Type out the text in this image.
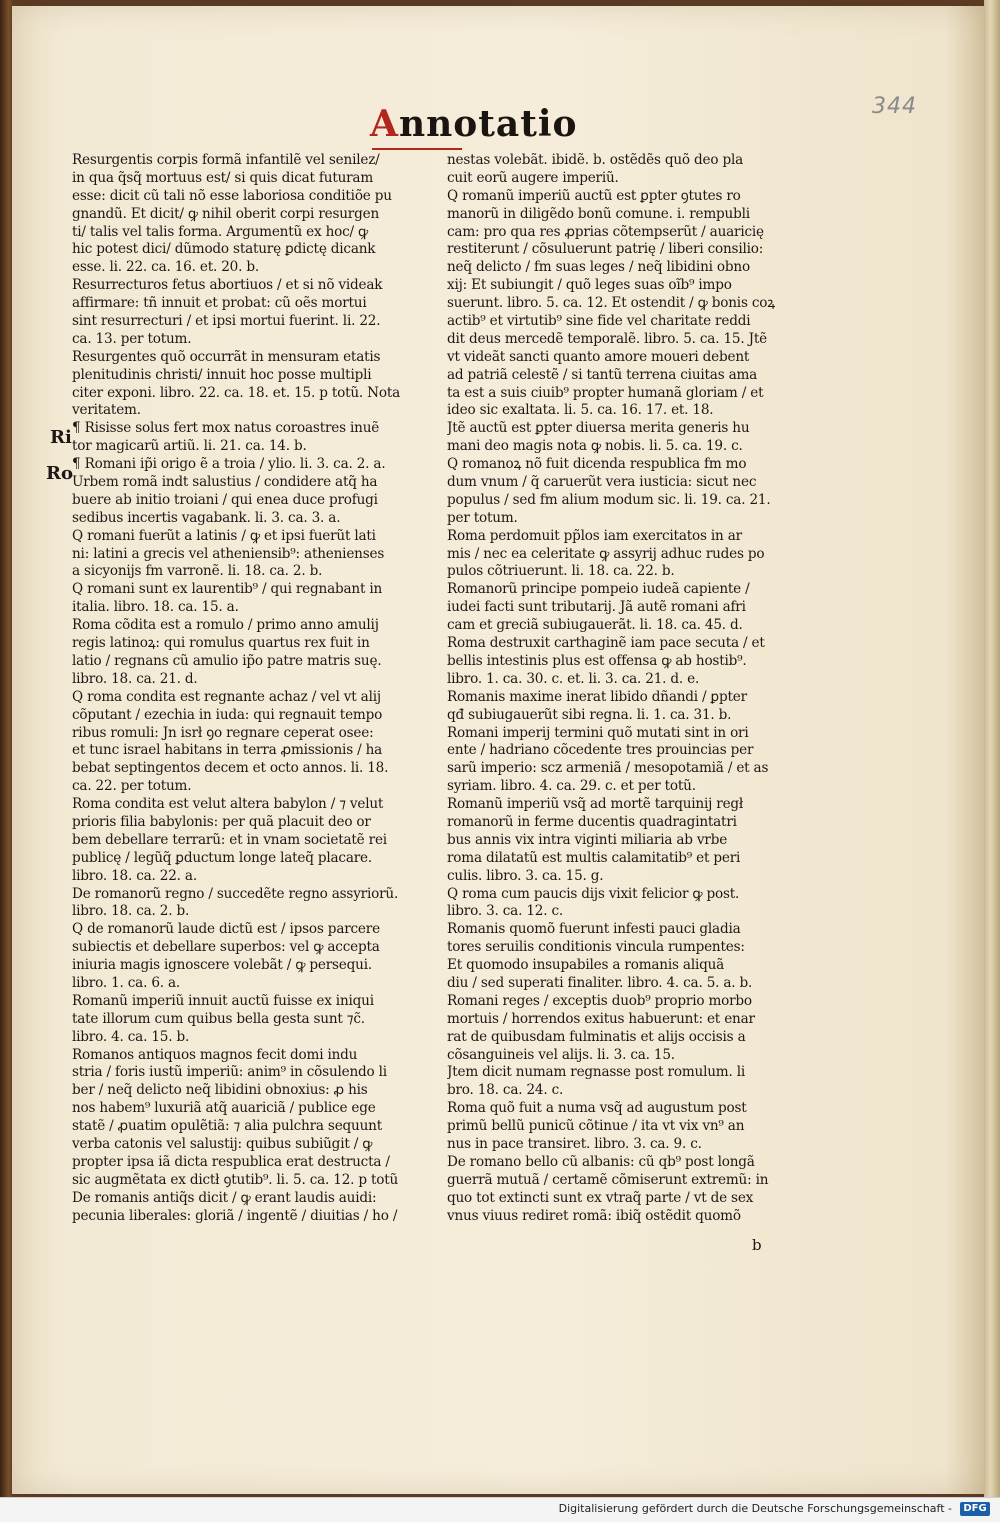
344
Annotatio
Ri
Ro
Resurgentis corpis formã infantilẽ vel senilez/
in qua q̃sq̃ mortuus est/ si quis dicat futuram
esse: dicit cũ tali nõ esse laboriosa conditiõe pu
gnandũ. Et dicit/ ꝙ nihil oberit corpi resurgen
ti/ talis vel talis forma. Argumentũ ex hoc/ ꝙ
hic potest dici/ dũmodo staturę ꝑdictę dicank
esse. li. 22. ca. 16. et. 20. b.
Resurrecturos fetus abortiuos / et si nõ videak
affirmare: tñ innuit et probat: cũ oẽs mortui
sint resurrecturi / et ipsi mortui fuerint. li. 22.
ca. 13. per totum.
Resurgentes quõ occurrãt in mensuram etatis
plenitudinis christi/ innuit hoc posse multipli
citer exponi. libro. 22. ca. 18. et. 15. p totũ. Nota
veritatem.
¶ Risisse solus fert mox natus coroastres inuẽ
tor magicarũ artiũ. li. 21. ca. 14. b.
¶ Romani ip̃i origo ẽ a troia / ylio. li. 3. ca. 2. a.
Urbem romã ind̃t salustius / condidere atq̃ ha
buere ab initio troiani / qui enea duce profugi
sedibus incertis vagabank. li. 3. ca. 3. a.
Q romani fuerũt a latinis / ꝙ et ipsi fuerũt lati
ni: latini a grecis vel atheniensib⁹: athenienses
a sicyonijs fm varronẽ. li. 18. ca. 2. b.
Q romani sunt ex laurentib⁹ / qui regnabant in
italia. libro. 18. ca. 15. a.
Roma cõdita est a romulo / primo anno amulij
regis latinoꝝ: qui romulus quartus rex fuit in
latio / regnans cũ amulio ip̃o patre matris suę.
libro. 18. ca. 21. d.
Q roma condita est regnante achaz / vel vt alij
cõputant / ezechia in iuda: qui regnauit tempo
ribus romuli: Jn isrł ꝯo regnare ceperat osee:
et tunc israel habitans in terra ꝓmissionis / ha
bebat septingentos decem et octo annos. li. 18.
ca. 22. per totum.
Roma condita est velut altera babylon / ⁊ velut
prioris filia babylonis: per quã placuit deo or
bem debellare terrarũ: et in vnam societatẽ rei
publicę / legũq̃ ꝑductum longe lateq̃ placare.
libro. 18. ca. 22. a.
De romanorũ regno / succedẽte regno assyriorũ.
libro. 18. ca. 2. b.
Q de romanorũ laude dictũ est / ipsos parcere
subiectis et debellare superbos: vel ꝙ accepta
iniuria magis ignoscere volebãt / ꝙ persequi.
libro. 1. ca. 6. a.
Romanũ imperiũ innuit auctũ fuisse ex iniqui
tate illorum cum quibus bella gesta sunt ⁊c̃.
libro. 4. ca. 15. b.
Romanos antiquos magnos fecit domi indu
stria / foris iustũ imperiũ: anim⁹ in cõsulendo li
ber / neq̃ delicto neq̃ libidini obnoxius: ꝓ his
nos habem⁹ luxuriã atq̃ auariciã / publice ege
statẽ / ꝓuatim opulẽtiã: ⁊ alia pulchra sequunt
verba catonis vel salustij: quibus subiũgit / ꝙ
propter ipsa iã dicta respublica erat destructa /
sic augmẽtata ex dictł ꝯtutib⁹. li. 5. ca. 12. p totũ
De romanis antiq̃s dicit / ꝙ erant laudis auidi:
pecunia liberales: gloriã / ingentẽ / diuitias / ho /
nestas volebãt. ibidẽ. b. ostẽdẽs quõ deo pla
cuit eorũ augere imperiũ.
Q romanũ imperiũ auctũ est ꝑpter ꝯtutes ro
manorũ in diligẽdo bonũ comune. i. rempubli
cam: pro qua res ꝓprias cõtempserũt / auaricię
restiterunt / cõsuluerunt patrię / liberi consilio:
neq̃ delicto / fm suas leges / neq̃ libidini obno
xij: Et subiungit / quõ leges suas oĩb⁹ impo
suerunt. libro. 5. ca. 12. Et ostendit / ꝙ bonis coꝝ
actib⁹ et virtutib⁹ sine fide vel charitate reddi
dit deus mercedẽ temporalẽ. libro. 5. ca. 15. Jtẽ
vt videãt sancti quanto amore moueri debent
ad patriã celestẽ / si tantũ terrena ciuitas ama
ta est a suis ciuib⁹ propter humanã gloriam / et
ideo sic exaltata. li. 5. ca. 16. 17. et. 18.
Jtẽ auctũ est ꝑpter diuersa merita generis hu
mani deo magis nota ꝙ nobis. li. 5. ca. 19. c.
Q romanoꝝ nõ fuit dicenda respublica fm mo
dum vnum / q̃ caruerũt vera iusticia: sicut nec
populus / sed fm alium modum sic. li. 19. ca. 21.
per totum.
Roma perdomuit pp̃los iam exercitatos in ar
mis / nec ea celeritate ꝙ assyrij adhuc rudes po
pulos cõtriuerunt. li. 18. ca. 22. b.
Romanorũ principe pompeio iudeã capiente /
iudei facti sunt tributarij. Jã autẽ romani afri
cam et greciã subiugauerãt. li. 18. ca. 45. d.
Roma destruxit carthaginẽ iam pace secuta / et
bellis intestinis plus est offensa ꝙ ab hostib⁹.
libro. 1. ca. 30. c. et. li. 3. ca. 21. d. e.
Romanis maxime inerat libido dñandi / ꝑpter
qđ subiugauerũt sibi regna. li. 1. ca. 31. b.
Romani imperij termini quõ mutati sint in ori
ente / hadriano cõcedente tres prouincias per
sarũ imperio: scz armeniã / mesopotamiã / et as
syriam. libro. 4. ca. 29. c. et per totũ.
Romanũ imperiũ vsq̃ ad mortẽ tarquinij regł
romanorũ in ferme ducentis quadragintatri
bus annis vix intra viginti miliaria ab vrbe
roma dilatatũ est multis calamitatib⁹ et peri
culis. libro. 3. ca. 15. g.
Q roma cum paucis dijs vixit felicior ꝙ post.
libro. 3. ca. 12. c.
Romanis quomõ fuerunt infesti pauci gladia
tores seruilis conditionis vincula rumpentes:
Et quomodo insupabiles a romanis aliquã
diu / sed superati finaliter. libro. 4. ca. 5. a. b.
Romani reges / exceptis duob⁹ proprio morbo
mortuis / horrendos exitus habuerunt: et enar
rat de quibusdam fulminatis et alijs occisis a
cõsanguineis vel alijs. li. 3. ca. 15.
Jtem dicit numam regnasse post romulum. li
bro. 18. ca. 24. c.
Roma quõ fuit a numa vsq̃ ad augustum post
primũ bellũ punicũ cõtinue / ita vt vix vn⁹ an
nus in pace transiret. libro. 3. ca. 9. c.
De romano bello cũ albanis: cũ qb⁹ post longã
guerrã mutuã / certamẽ cõmiserunt extremũ: in
quo tot extincti sunt ex vtraq̃ parte / vt de sex
vnus viuus rediret romã: ibiq̃ ostẽdit quomõ
b
Digitalisierung gefördert durch die Deutsche Forschungsgemeinschaft -	DFG
